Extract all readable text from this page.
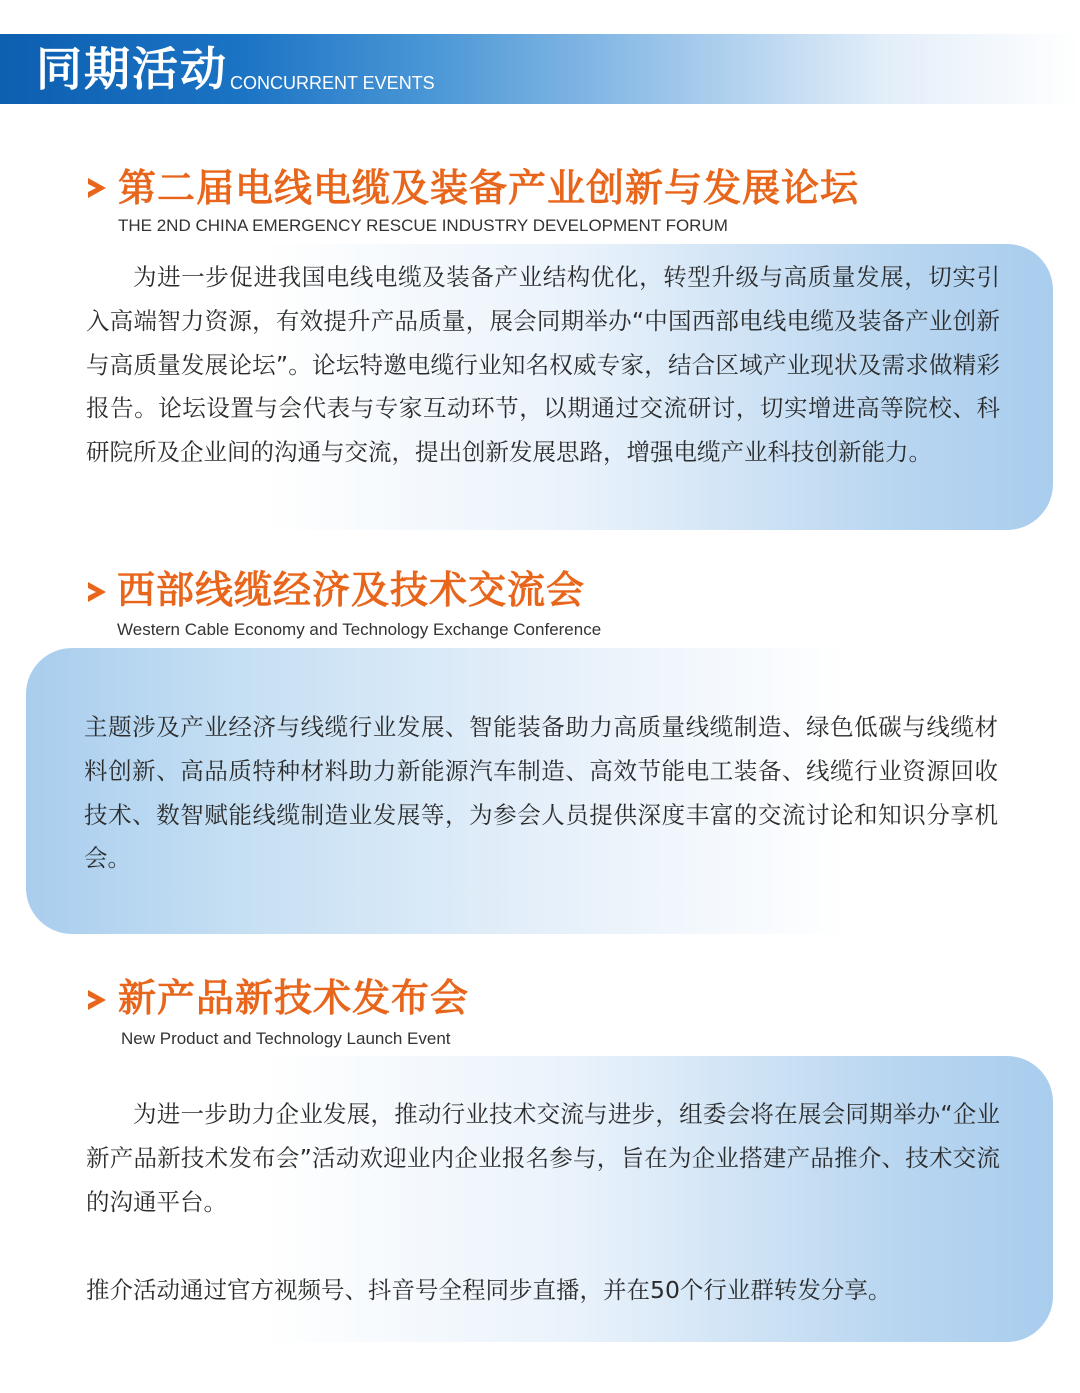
同期活动 CONCURRENT EVENTS
第二届电线电缆及装备产业创新与发展论坛
THE 2ND CHINA EMERGENCY RESCUE INDUSTRY DEVELOPMENT FORUM
为进一步促进我国电线电缆及装备产业结构优化，转型升级与高质量发展，切实引入高端智力资源，有效提升产品质量，展会同期举办“中国西部电线电缆及装备产业创新与高质量发展论坛”。论坛特邀电缆行业知名权威专家，结合区域产业现状及需求做精彩报告。论坛设置与会代表与专家互动环节，以期通过交流研讨，切实增进高等院校、科研院所及企业间的沟通与交流，提出创新发展思路，增强电缆产业科技创新能力。
西部线缆经济及技术交流会
Western Cable Economy and Technology Exchange Conference
主题涉及产业经济与线缆行业发展、智能装备助力高质量线缆制造、绿色低碳与线缆材料创新、高品质特种材料助力新能源汽车制造、高效节能电工装备、线缆行业资源回收技术、数智赋能线缆制造业发展等，为参会人员提供深度丰富的交流讨论和知识分享机会。
新产品新技术发布会
New Product and Technology Launch Event
为进一步助力企业发展，推动行业技术交流与进步，组委会将在展会同期举办“企业新产品新技术发布会”活动欢迎业内企业报名参与，旨在为企业搭建产品推介、技术交流的沟通平台。
推介活动通过官方视频号、抖音号全程同步直播，并在50个行业群转发分享。
